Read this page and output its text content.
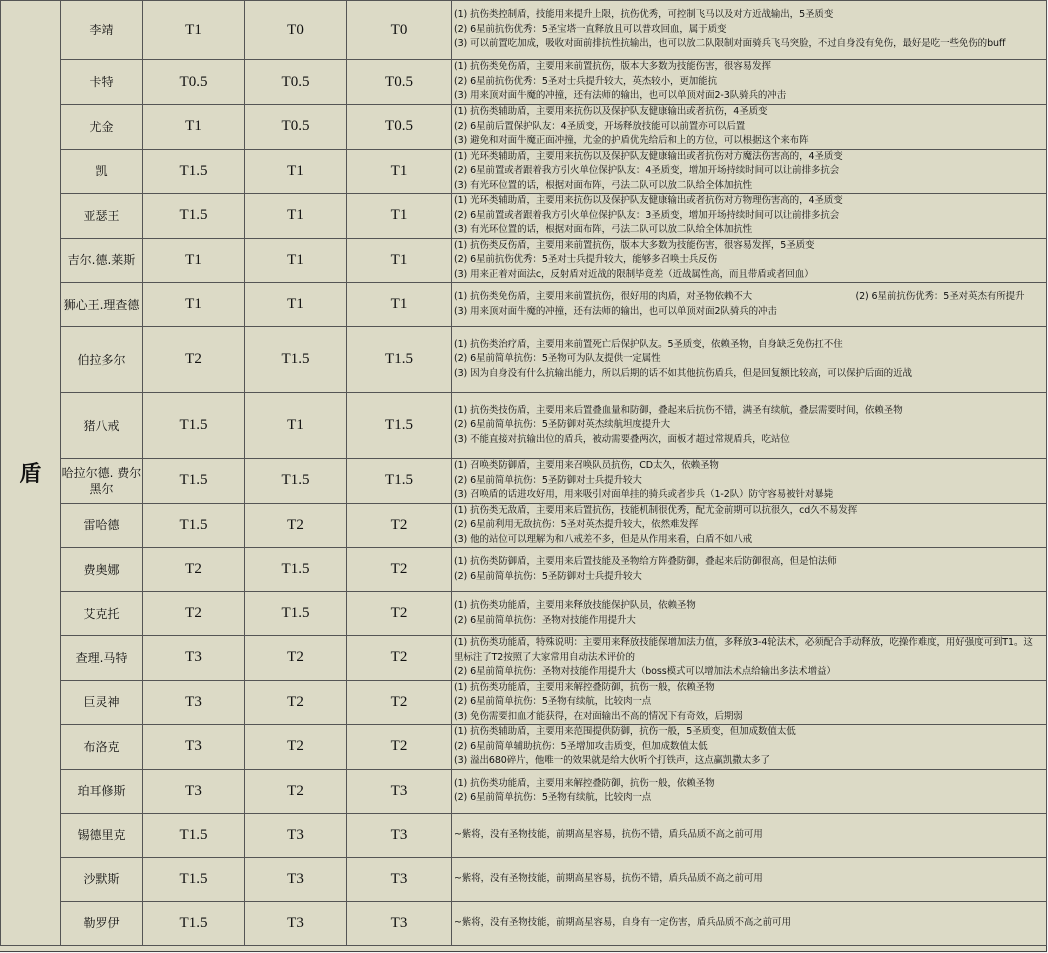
盾	李靖	T1	T0	T0	(1) 抗伤类控制盾，技能用来提升上限，抗伤优秀，可控制飞马以及对方近战输出，5圣质变
(2) 6星前抗伤优秀：5圣宝塔一直释放且可以普攻回血，属于质变
(3) 可以前置吃加成，吸收对面前排抗性抗输出，也可以放二队限制对面骑兵飞马突脸，不过自身没有免伤，最好是吃一些免伤的buff

	卡特	T0.5	T0.5	T0.5	(1) 抗伤类免伤盾，主要用来前置抗伤，版本大多数为技能伤害，很容易发挥
(2) 6星前抗伤优秀：5圣对士兵提升较大，英杰较小，更加能抗
(3) 用来顶对面牛魔的冲撞，还有法师的输出，也可以单顶对面2-3队骑兵的冲击

	尤金	T1	T0.5	T0.5	(1) 抗伤类辅助盾，主要用来抗伤以及保护队友健康输出或者抗伤，4圣质变
(2) 6星前后置保护队友：4圣质变，开场释放技能可以前置亦可以后置
(3) 避免和对面牛魔正面冲撞，尤金的护盾优先给后和上的方位，可以根据这个来布阵

	凯	T1.5	T1	T1	(1) 光环类辅助盾，主要用来抗伤以及保护队友健康输出或者抗伤对方魔法伤害高的，4圣质变
(2) 6星前置或者跟着我方引火单位保护队友：4圣质变，增加开场持续时间可以让前排多抗会
(3) 有光环位置的话，根据对面布阵，弓法二队可以放二队给全体加抗性

	亚瑟王	T1.5	T1	T1	(1) 光环类辅助盾，主要用来抗伤以及保护队友健康输出或者抗伤对方物理伤害高的，4圣质变
(2) 6星前置或者跟着我方引火单位保护队友：3圣质变，增加开场持续时间可以让前排多抗会
(3) 有光环位置的话，根据对面布阵，弓法二队可以放二队给全体加抗性

	吉尔.德.莱斯	T1	T1	T1	(1) 抗伤类反伤盾，主要用来前置抗伤，版本大多数为技能伤害，很容易发挥，5圣质变
(2) 6星前抗伤优秀：5圣对士兵提升较大，能够多召唤士兵反伤
(3) 用来正着对面法c，反射盾对近战的限制毕竟差（近战属性高，而且带盾或者回血）

	狮心王.理查德	T1	T1	T1	(1) 抗伤类免伤盾，主要用来前置抗伤，很好用的肉盾，对圣物依赖不大　　　　　　　　　　　(2) 6星前抗伤优秀：5圣对英杰有所提升
(3) 用来顶对面牛魔的冲撞，还有法师的输出，也可以单顶对面2队骑兵的冲击

	伯拉多尔	T2	T1.5	T1.5	(1) 抗伤类治疗盾，主要用来前置死亡后保护队友。5圣质变，依赖圣物，自身缺乏免伤扛不住
(2) 6星前简单抗伤：5圣物可为队友提供一定属性
(3) 因为自身没有什么抗输出能力，所以后期的话不如其他抗伤盾兵，但是回复额比较高，可以保护后面的近战

	猪八戒	T1.5	T1	T1.5	(1) 抗伤类技伤盾，主要用来后置叠血量和防御，叠起来后抗伤不错，满圣有续航，叠层需要时间，依赖圣物
(2) 6星前简单抗伤：5圣防御对英杰续航坦度提升大
(3) 不能直接对抗输出位的盾兵，被动需要叠两次，面板才超过常规盾兵，吃站位

	哈拉尔德. 费尔黑尔	T1.5	T1.5	T1.5	(1) 召唤类防御盾，主要用来召唤队员抗伤，CD太久，依赖圣物
(2) 6星前简单抗伤：5圣防御对士兵提升较大
(3) 召唤盾的话进攻好用，用来吸引对面单挂的骑兵或者步兵（1-2队）防守容易被针对暴毙

	雷哈德	T1.5	T2	T2	(1) 抗伤类无敌盾，主要用来后置抗伤，技能机制很优秀，配尤金前期可以抗很久，cd久不易发挥
(2) 6星前利用无敌抗伤：5圣对英杰提升较大，依然难发挥
(3) 他的站位可以理解为和八戒差不多，但是从作用来看，白盾不如八戒

	费奥娜	T2	T1.5	T2	(1) 抗伤类防御盾，主要用来后置技能及圣物给方阵叠防御，叠起来后防御很高，但是怕法师
(2) 6星前简单抗伤：5圣防御对士兵提升较大

	艾克托	T2	T1.5	T2	(1) 抗伤类功能盾，主要用来释放技能保护队员，依赖圣物
(2) 6星前简单抗伤：圣物对技能作用提升大

	查理.马特	T3	T2	T2	(1) 抗伤类功能盾，特殊说明：主要用来释放技能保增加法力值，多释放3-4轮法术，必须配合手动释放，吃操作难度，用好强度可到T1。这里标注了T2按照了大家常用自动法术评价的
(2) 6星前简单抗伤：圣物对技能作用提升大（boss模式可以增加法术点给输出多法术增益）

	巨灵神	T3	T2	T2	(1) 抗伤类功能盾，主要用来解控叠防御，抗伤一般，依赖圣物
(2) 6星前简单抗伤：5圣物有续航，比较肉一点
(3) 免伤需要扣血才能获得，在对面输出不高的情况下有奇效，后期弱

	布洛克	T3	T2	T2	(1) 抗伤类辅助盾，主要用来范围提供防御，抗伤一般，5圣质变，但加成数值太低
(2) 6星前简单辅助抗伤：5圣增加攻击质变，但加成数值太低
(3) 溢出680碎片，他唯一的效果就是给大伙听个打铁声，这点赢凯撒太多了

	珀耳修斯	T3	T2	T3	(1) 抗伤类功能盾，主要用来解控叠防御，抗伤一般，依赖圣物
(2) 6星前简单抗伤：5圣物有续航，比较肉一点

	锡德里克	T1.5	T3	T3	~紫将，没有圣物技能，前期高星容易，抗伤不错，盾兵品质不高之前可用

	沙默斯	T1.5	T3	T3	~紫将，没有圣物技能，前期高星容易，抗伤不错，盾兵品质不高之前可用

	勒罗伊	T1.5	T3	T3	~紫将，没有圣物技能，前期高星容易，自身有一定伤害，盾兵品质不高之前可用
